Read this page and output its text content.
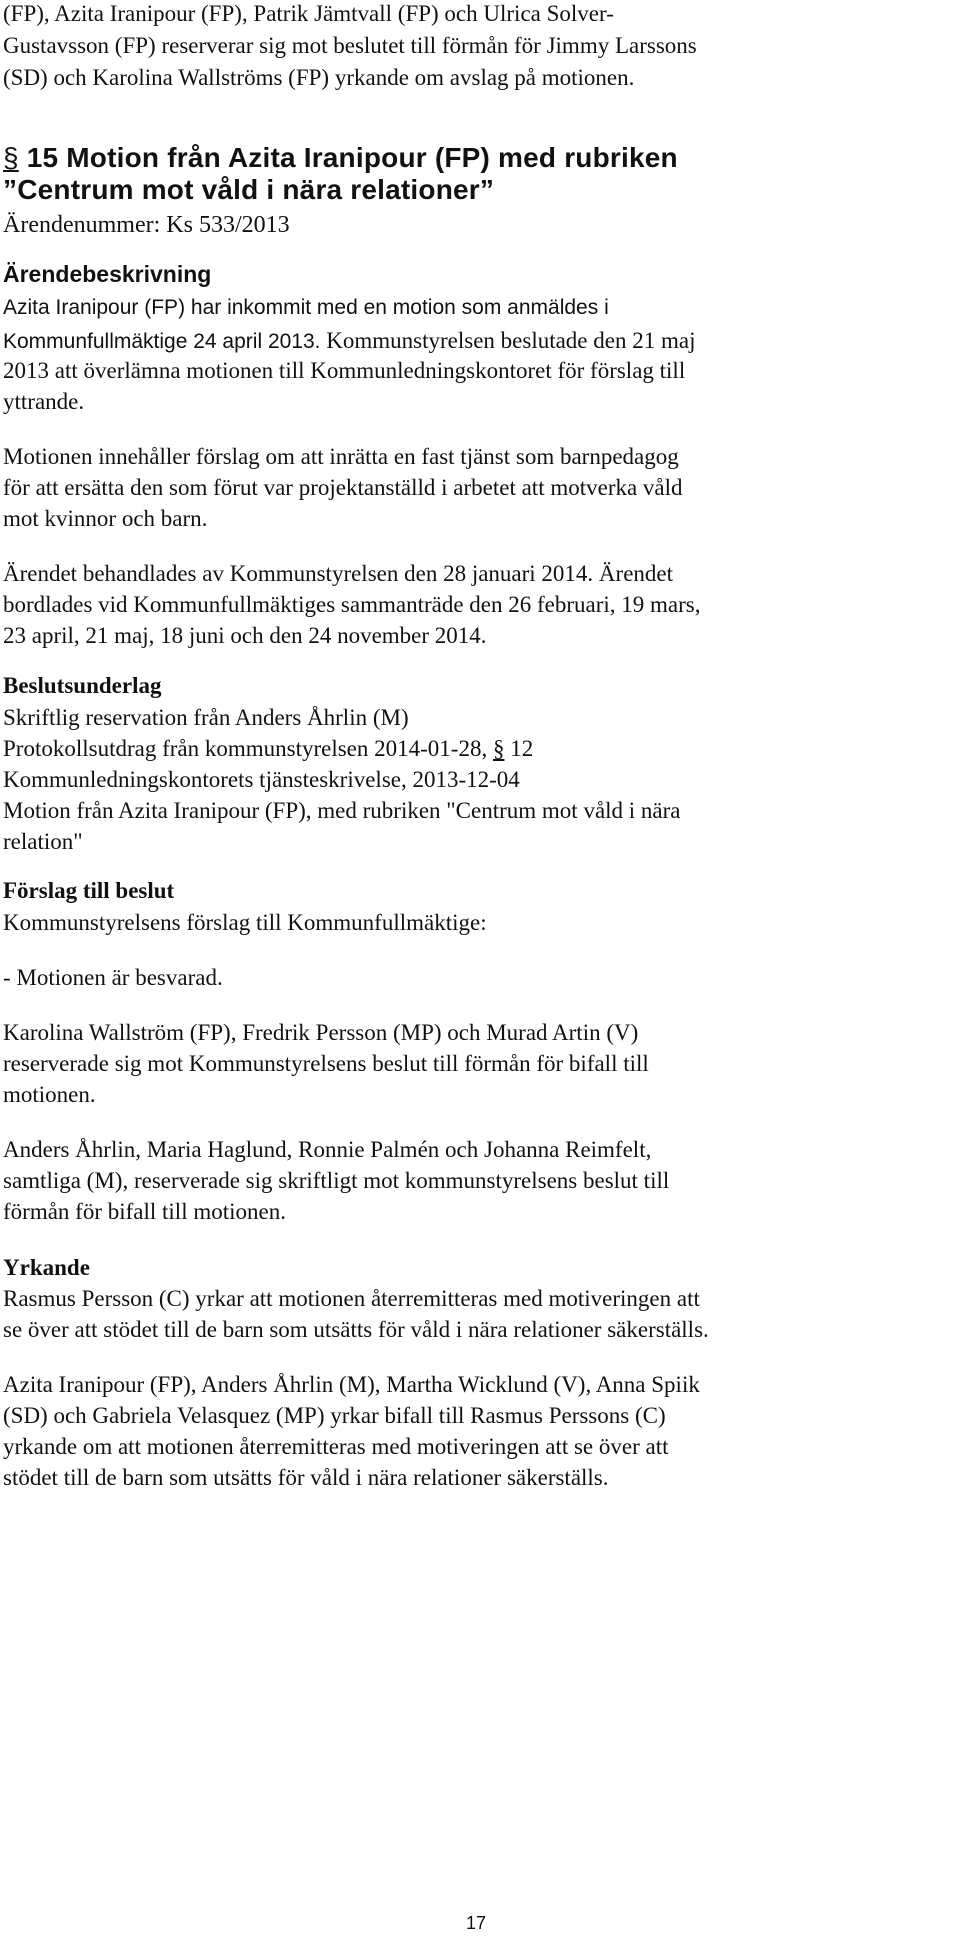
(FP), Azita Iranipour (FP), Patrik Jämtvall (FP) och Ulrica Solver-
Gustavsson (FP) reserverar sig mot beslutet till förmån för Jimmy Larssons
(SD) och Karolina Wallströms (FP) yrkande om avslag på motionen.
§ 15 Motion från Azita Iranipour (FP) med rubriken
”Centrum mot våld i nära relationer”
Ärendenummer: Ks 533/2013
Ärendebeskrivning
Azita Iranipour (FP) har inkommit med en motion som anmäldes i
Kommunfullmäktige 24 april 2013. Kommunstyrelsen beslutade den 21 maj
2013 att överlämna motionen till Kommunledningskontoret för förslag till
yttrande.
Motionen innehåller förslag om att inrätta en fast tjänst som barnpedagog
för att ersätta den som förut var projektanställd i arbetet att motverka våld
mot kvinnor och barn.
Ärendet behandlades av Kommunstyrelsen den 28 januari 2014. Ärendet
bordlades vid Kommunfullmäktiges sammanträde den 26 februari, 19 mars,
23 april, 21 maj, 18 juni och den 24 november 2014.
Beslutsunderlag
Skriftlig reservation från Anders Åhrlin (M)
Protokollsutdrag från kommunstyrelsen 2014-01-28, § 12
Kommunledningskontorets tjänsteskrivelse, 2013-12-04
Motion från Azita Iranipour (FP), med rubriken "Centrum mot våld i nära
relation"
Förslag till beslut
Kommunstyrelsens förslag till Kommunfullmäktige:
- Motionen är besvarad.
Karolina Wallström (FP), Fredrik Persson (MP) och Murad Artin (V)
reserverade sig mot Kommunstyrelsens beslut till förmån för bifall till
motionen.
Anders Åhrlin, Maria Haglund, Ronnie Palmén och Johanna Reimfelt,
samtliga (M), reserverade sig skriftligt mot kommunstyrelsens beslut till
förmån för bifall till motionen.
Yrkande
Rasmus Persson (C) yrkar att motionen återremitteras med motiveringen att
se över att stödet till de barn som utsätts för våld i nära relationer säkerställs.
Azita Iranipour (FP), Anders Åhrlin (M), Martha Wicklund (V), Anna Spiik
(SD) och Gabriela Velasquez (MP) yrkar bifall till Rasmus Perssons (C)
yrkande om att motionen återremitteras med motiveringen att se över att
stödet till de barn som utsätts för våld i nära relationer säkerställs.
17
